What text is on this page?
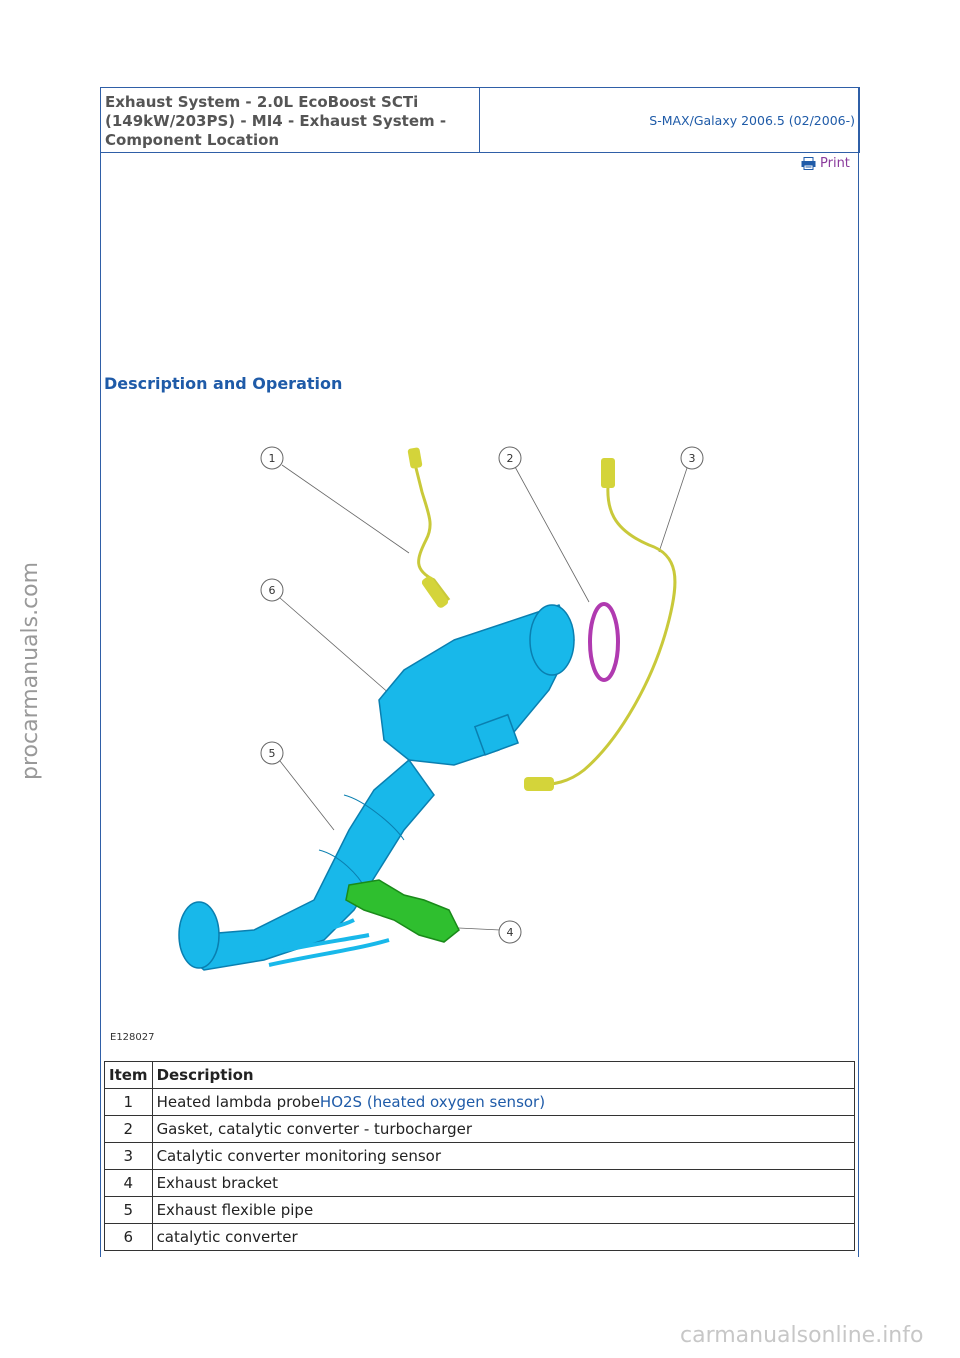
Exhaust System - 2.0L EcoBoost SCTi (149kW/203PS) - MI4 - Exhaust System - Component Location
S-MAX/Galaxy 2006.5 (02/2006-)
Print
Description and Operation
1	2	3
4
5
6
E128027
Item	Description
1	Heated lambda probeHO2S (heated oxygen sensor)
2	Gasket, catalytic converter - turbocharger
3	Catalytic converter monitoring sensor
4	Exhaust bracket
5	Exhaust flexible pipe
6	catalytic converter
procarmanuals.com
carmanualsonline.info
